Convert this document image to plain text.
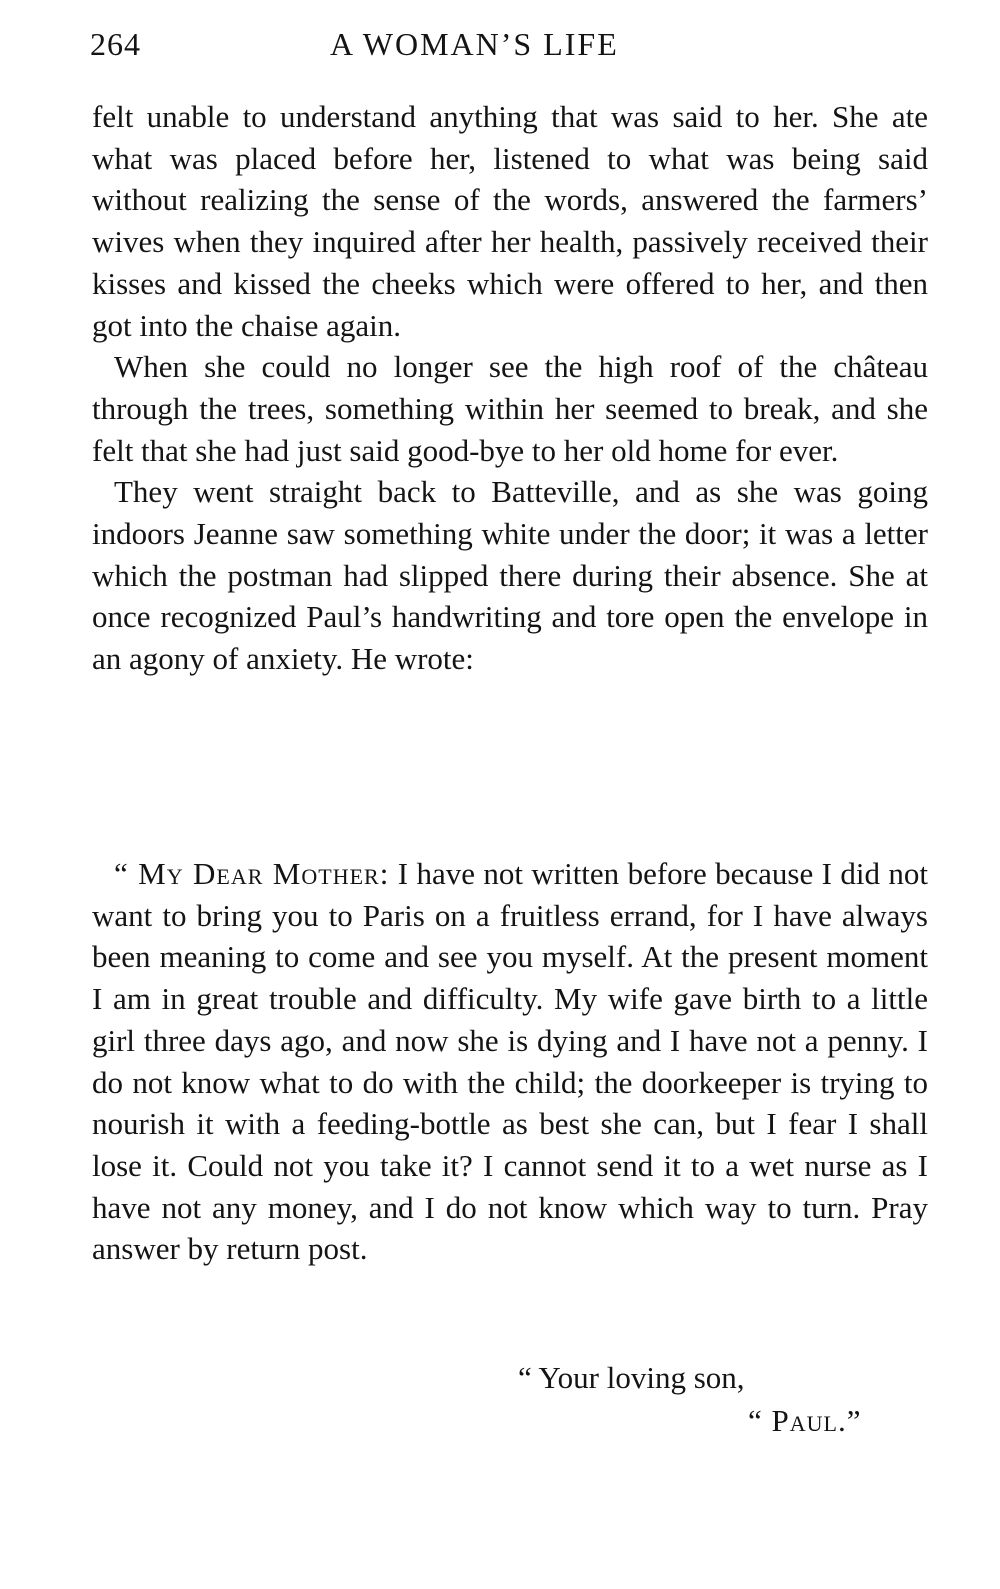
264	A WOMAN’S LIFE

felt unable to understand anything that was said to her. She ate what was placed before her, listened to what was being said without realizing the sense of the words, answered the farmers’ wives when they inquired after her health, passively received their kisses and kissed the cheeks which were offered to her, and then got into the chaise again.

When she could no longer see the high roof of the château through the trees, something within her seemed to break, and she felt that she had just said good-bye to her old home for ever.

They went straight back to Batteville, and as she was going indoors Jeanne saw something white under the door; it was a letter which the postman had slipped there during their absence. She at once recognized Paul’s handwriting and tore open the envelope in an agony of anxiety. He wrote:

“ My Dear Mother: I have not written before because I did not want to bring you to Paris on a fruitless errand, for I have always been meaning to come and see you myself. At the present moment I am in great trouble and difficulty. My wife gave birth to a little girl three days ago, and now she is dying and I have not a penny. I do not know what to do with the child; the doorkeeper is trying to nourish it with a feeding-bottle as best she can, but I fear I shall lose it. Could not you take it? I cannot send it to a wet nurse as I have not any money, and I do not know which way to turn. Pray answer by return post.

“ Your loving son,
“ Paul.”
